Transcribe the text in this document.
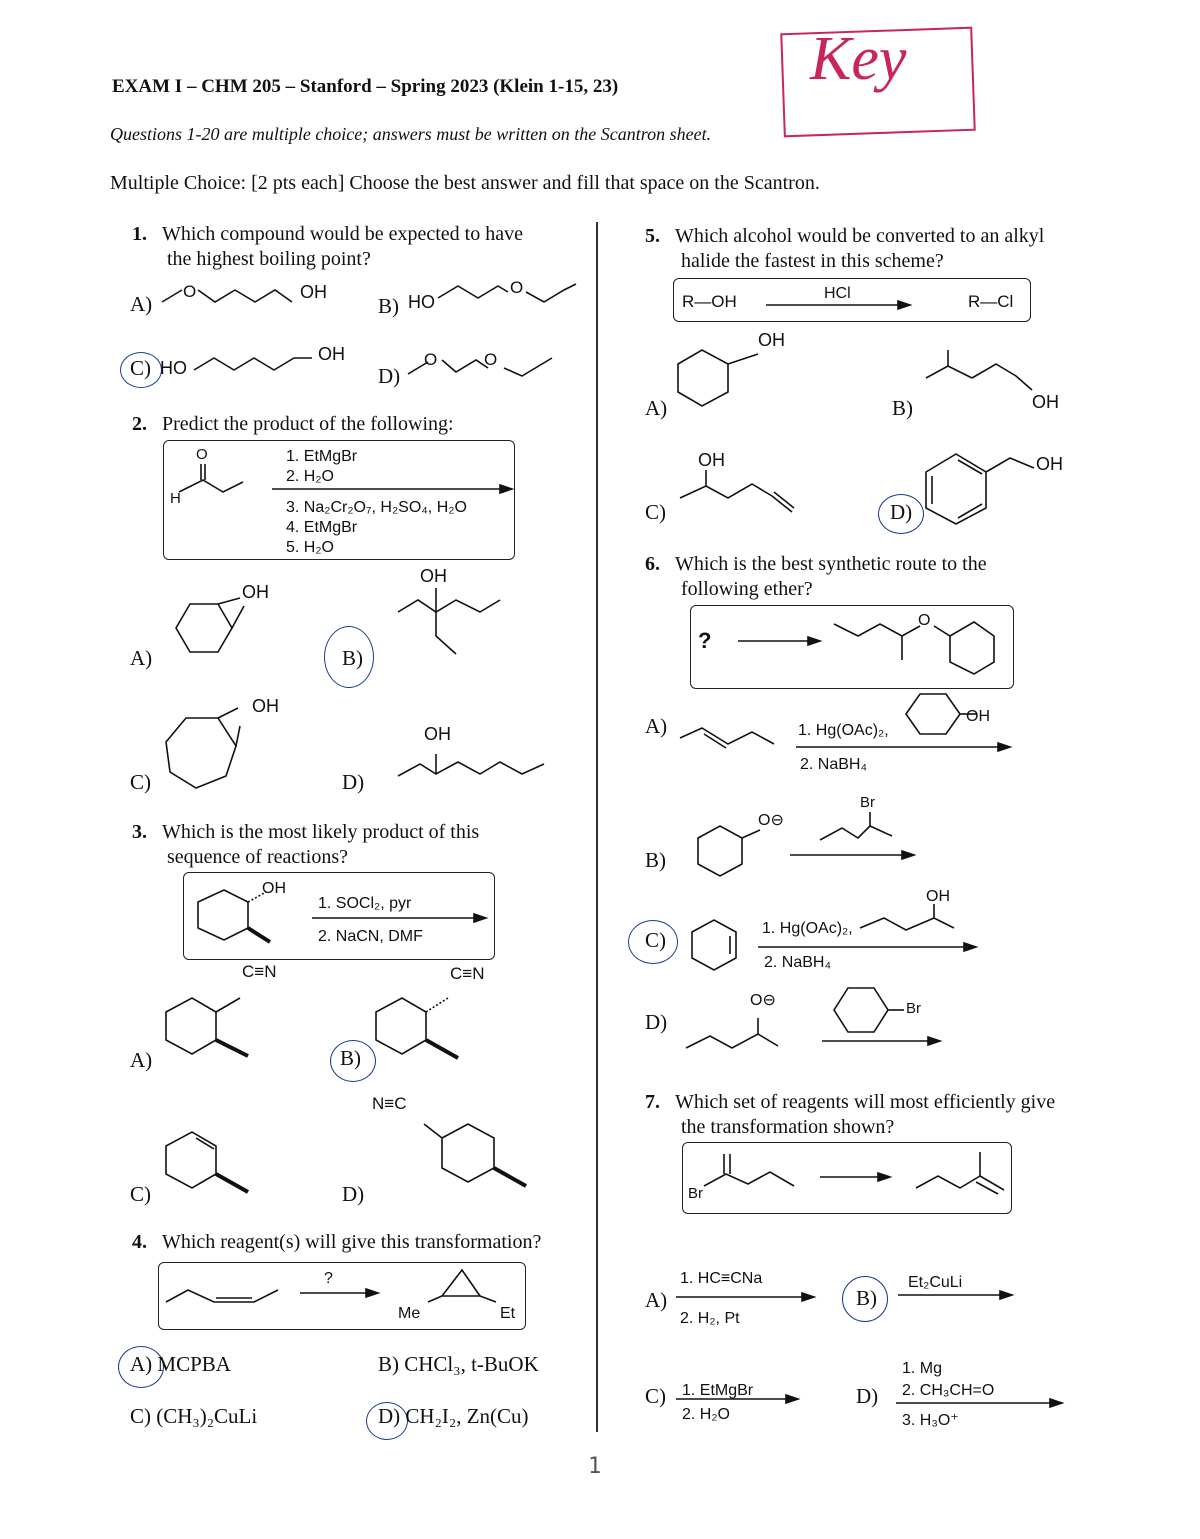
EXAM I – CHM 205 – Stanford – Spring 2023 (Klein 1-15, 23)
Questions 1-20 are multiple choice; answers must be written on the Scantron sheet.
Multiple Choice: [2 pts each] Choose the best answer and fill that space on the Scantron.
Key
1. Which compound would be expected to have
the highest boiling point?
A)
O	OH
B) HO
O
C) HO
OH
D)
O	O
2. Predict the product of the following:
O
H
1. EtMgBr
2. H₂O
3. Na₂Cr₂O₇, H₂SO₄, H₂O
4. EtMgBr
5. H₂O
A)
OH
B)
OH
C)
OH
D)
OH
3. Which is the most likely product of this
sequence of reactions?
OH
1. SOCl₂, pyr
2. NaCN, DMF
A)
C≡N
B)
C≡N
C)	D)
N≡C
4. Which reagent(s) will give this transformation?
?
Me	Et
A) MCPBA	B) CHCl₃, t-BuOK
C) (CH₃)₂CuLi	D) CH₂I₂, Zn(Cu)
5. Which alcohol would be converted to an alkyl
halide the fastest in this scheme?
R—OH	HCl	R—Cl
A)
OH
B)	OH
C)
OH
D)
OH
6. Which is the best synthetic route to the
following ether?
?
O
A)	1. Hg(OAc)₂,
OH
2. NaBH₄
B)
O⊖
Br
C)	1. Hg(OAc)₂,
OH
2. NaBH₄
D)
O⊖	Br
7. Which set of reagents will most efficiently give
the transformation shown?
Br
A)
1. HC≡CNa
2. H₂, Pt
B)
Et₂CuLi
C) 1. EtMgBr
2. H₂O
D)
1. Mg
2. CH₃CH=O
3. H₃O⁺
1
